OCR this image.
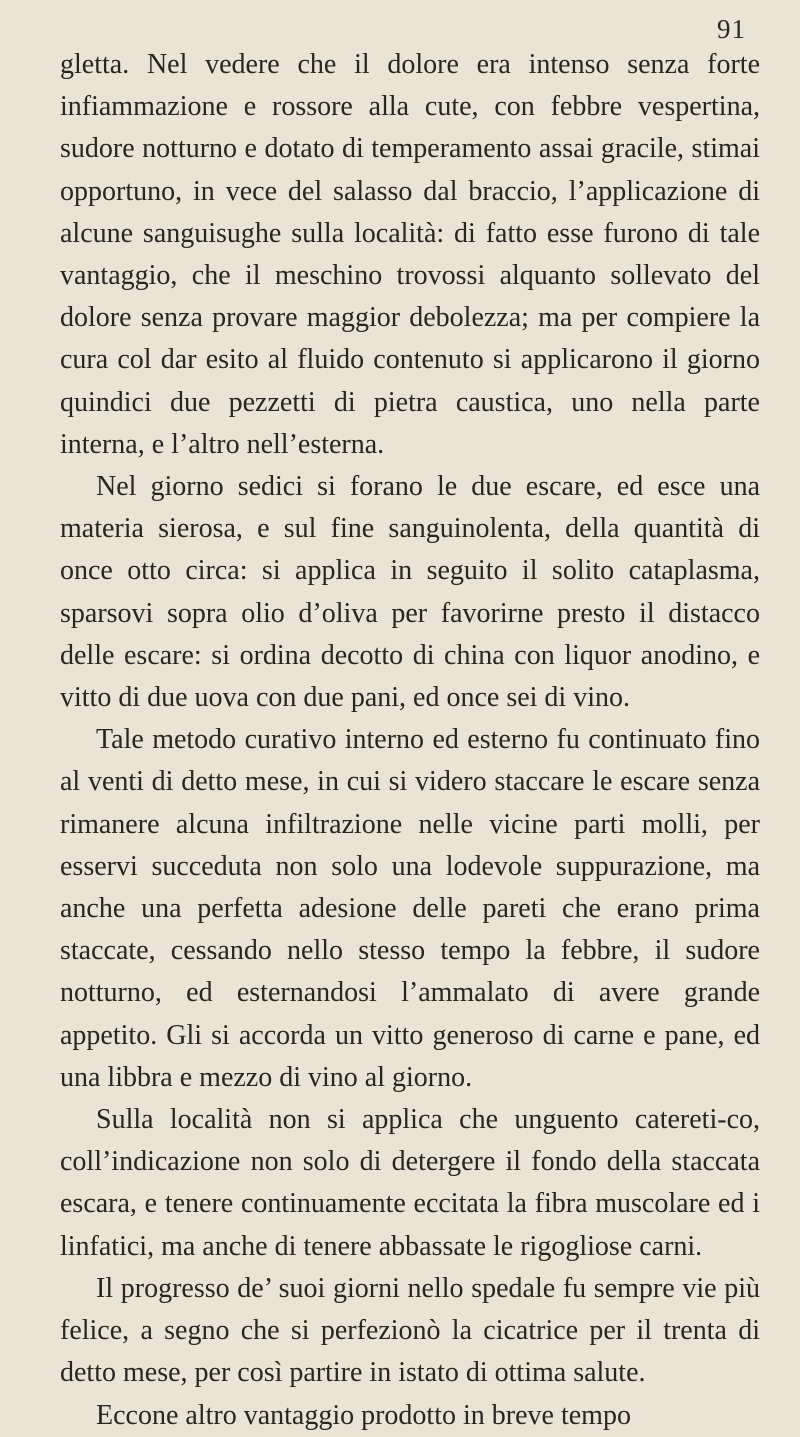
91

gletta. Nel vedere che il dolore era intenso senza forte infiammazione e rossore alla cute, con febbre vespertina, sudore notturno e dotato di temperamento assai gracile, stimai opportuno, in vece del salasso dal braccio, l’applicazione di alcune sanguisughe sulla località: di fatto esse furono di tale vantaggio, che il meschino trovossi alquanto sollevato del dolore senza provare maggior debolezza; ma per compiere la cura col dar esito al fluido contenuto si applicarono il giorno quindici due pezzetti di pietra caustica, uno nella parte interna, e l’altro nell’esterna.

Nel giorno sedici si forano le due escare, ed esce una materia sierosa, e sul fine sanguinolenta, della quantità di once otto circa: si applica in seguito il solito cataplasma, sparsovi sopra olio d’oliva per favorirne presto il distacco delle escare: si ordina decotto di china con liquor anodino, e vitto di due uova con due pani, ed once sei di vino.

Tale metodo curativo interno ed esterno fu continuato fino al venti di detto mese, in cui si videro staccare le escare senza rimanere alcuna infiltrazione nelle vicine parti molli, per esservi succeduta non solo una lodevole suppurazione, ma anche una perfetta adesione delle pareti che erano prima staccate, cessando nello stesso tempo la febbre, il sudore notturno, ed esternandosi l’ammalato di avere grande appetito. Gli si accorda un vitto generoso di carne e pane, ed una libbra e mezzo di vino al giorno.

Sulla località non si applica che unguento catereti-co, coll’indicazione non solo di detergere il fondo della staccata escara, e tenere continuamente eccitata la fibra muscolare ed i linfatici, ma anche di tenere abbassate le rigogliose carni.

Il progresso de’ suoi giorni nello spedale fu sempre vie più felice, a segno che si perfezionò la cicatrice per il trenta di detto mese, per così partire in istato di ottima salute.

Eccone altro vantaggio prodotto in breve tempo
